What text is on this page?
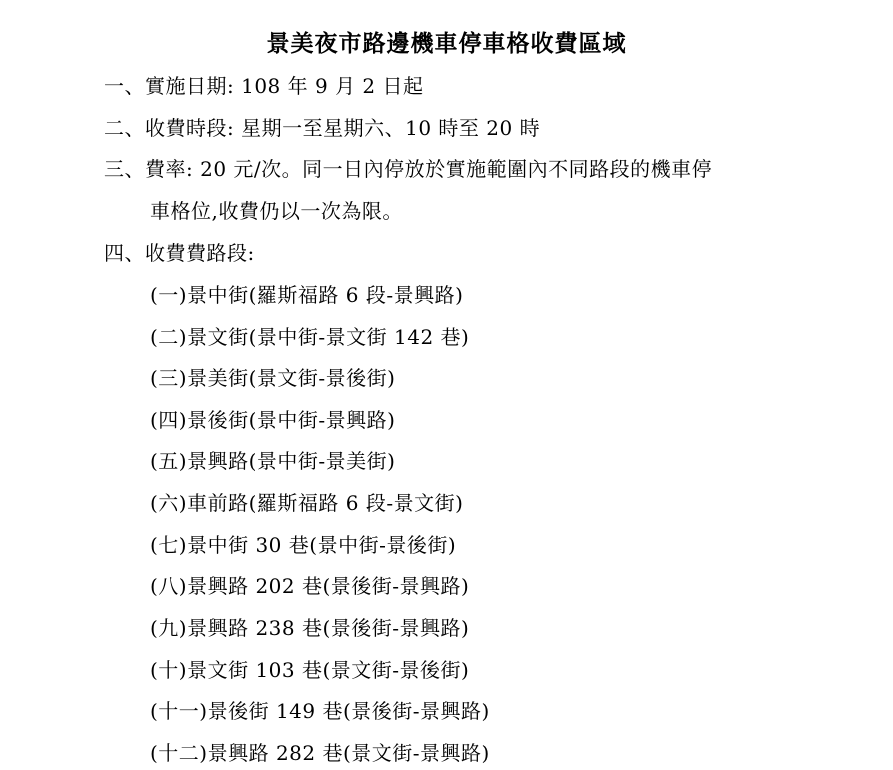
景美夜市路邊機車停車格收費區域
一、實施日期: 108 年 9 月 2 日起
二、收費時段: 星期一至星期六、10 時至 20 時
三、費率: 20 元/次。同一日內停放於實施範圍內不同路段的機車停
車格位,收費仍以一次為限。
四、收費費路段:
(一)景中街(羅斯福路 6 段-景興路)
(二)景文街(景中街-景文街 142 巷)
(三)景美街(景文街-景後街)
(四)景後街(景中街-景興路)
(五)景興路(景中街-景美街)
(六)車前路(羅斯福路 6 段-景文街)
(七)景中街 30 巷(景中街-景後街)
(八)景興路 202 巷(景後街-景興路)
(九)景興路 238 巷(景後街-景興路)
(十)景文街 103 巷(景文街-景後街)
(十一)景後街 149 巷(景後街-景興路)
(十二)景興路 282 巷(景文街-景興路)
